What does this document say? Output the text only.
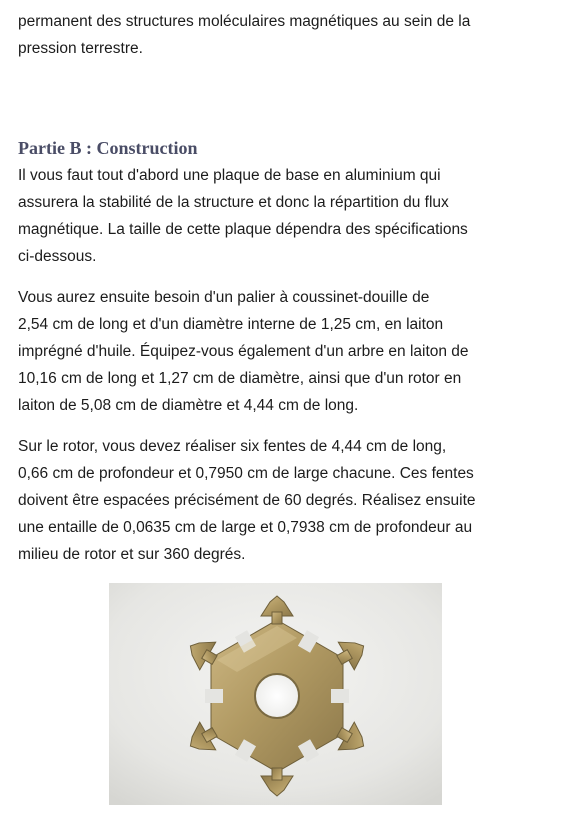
permanent des structures moléculaires magnétiques au sein de la
pression terrestre.

Partie B : Construction

Il vous faut tout d'abord une plaque de base en aluminium qui
assurera la stabilité de la structure et donc la répartition du flux
magnétique. La taille de cette plaque dépendra des spécifications
ci-dessous.

Vous aurez ensuite besoin d'un palier à coussinet-douille de
2,54 cm de long et d'un diamètre interne de 1,25 cm, en laiton
imprégné d'huile. Équipez-vous également d'un arbre en laiton de
10,16 cm de long et 1,27 cm de diamètre, ainsi que d'un rotor en
laiton de 5,08 cm de diamètre et 4,44 cm de long.

Sur le rotor, vous devez réaliser six fentes de 4,44 cm de long,
0,66 cm de profondeur et 0,7950 cm de large chacune. Ces fentes
doivent être espacées précisément de 60 degrés. Réalisez ensuite
une entaille de 0,0635 cm de large et 0,7938 cm de profondeur au
milieu de rotor et sur 360 degrés.
